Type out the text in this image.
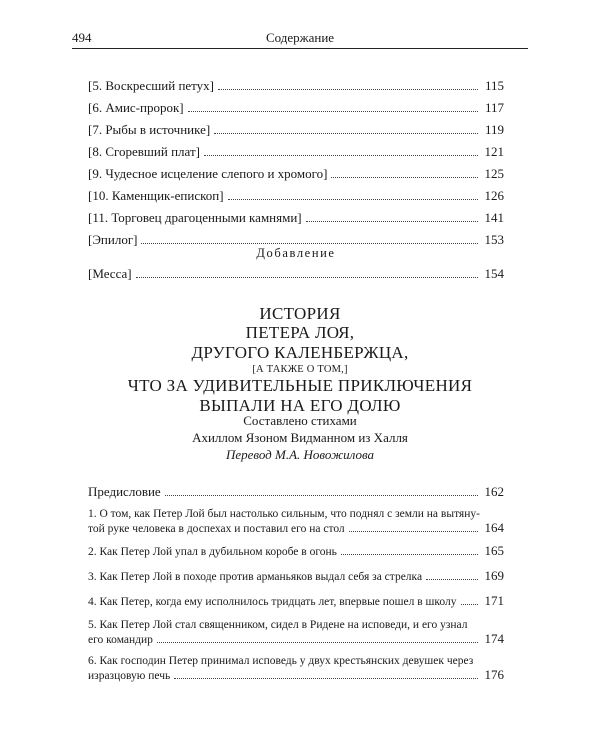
494	Содержание
[5. Воскресший петух]	115
[6. Амис-пророк]	117
[7. Рыбы в источнике]	119
[8. Сгоревший плат]	121
[9. Чудесное исцеление слепого и хромого]	125
[10. Каменщик-епископ]	126
[11. Торговец драгоценными камнями]	141
[Эпилог]	153
Добавление
[Месса]	154
ИСТОРИЯ
ПЕТЕРА ЛОЯ,
ДРУГОГО КАЛЕНБЕРЖЦА,
[А ТАКЖЕ О ТОМ,]
ЧТО ЗА УДИВИТЕЛЬНЫЕ ПРИКЛЮЧЕНИЯ
ВЫПАЛИ НА ЕГО ДОЛЮ
Составлено стихами
Ахиллом Язоном Видманном из Халля
Перевод М.А. Новожилова
Предисловие	162
1. О том, как Петер Лой был настолько сильным, что поднял с земли на вытяну-
той руке человека в доспехах и поставил его на стол	164
2. Как Петер Лой упал в дубильном коробе в огонь	165
3. Как Петер Лой в походе против арманьяков выдал себя за стрелка	169
4. Как Петер, когда ему исполнилось тридцать лет, впервые пошел в школу 171
5. Как Петер Лой стал священником, сидел в Ридене на исповеди, и его узнал
его командир	174
6. Как господин Петер принимал исповедь у двух крестьянских девушек через
изразцовую печь	176
